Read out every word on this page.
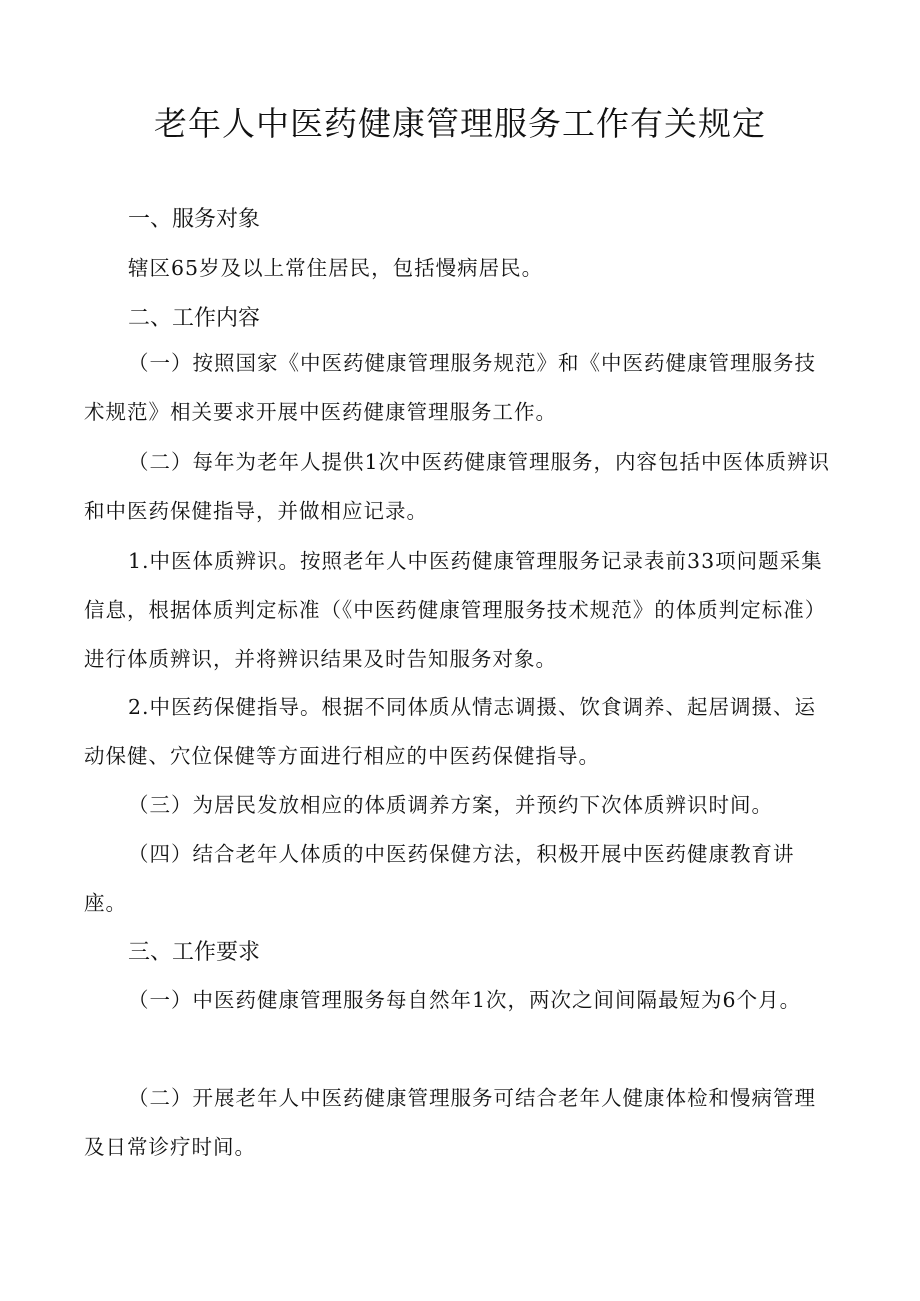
老年人中医药健康管理服务工作有关规定
一、服务对象
辖区65岁及以上常住居民，包括慢病居民。
二、工作内容

（一）按照国家《中医药健康管理服务规范》和《中医药健康管理服务技术规范》相关要求开展中医药健康管理服务工作。

（二）每年为老年人提供1次中医药健康管理服务，内容包括中医体质辨识和中医药保健指导，并做相应记录。

1.中医体质辨识。按照老年人中医药健康管理服务记录表前33项问题采集信息，根据体质判定标准（《中医药健康管理服务技术规范》的体质判定标准）进行体质辨识，并将辨识结果及时告知服务对象。

2.中医药保健指导。根据不同体质从情志调摄、饮食调养、起居调摄、运动保健、穴位保健等方面进行相应的中医药保健指导。

（三）为居民发放相应的体质调养方案，并预约下次体质辨识时间。

（四）结合老年人体质的中医药保健方法，积极开展中医药健康教育讲座。

三、工作要求

（一）中医药健康管理服务每自然年1次，两次之间间隔最短为6个月。

（二）开展老年人中医药健康管理服务可结合老年人健康体检和慢病管理及日常诊疗时间。
